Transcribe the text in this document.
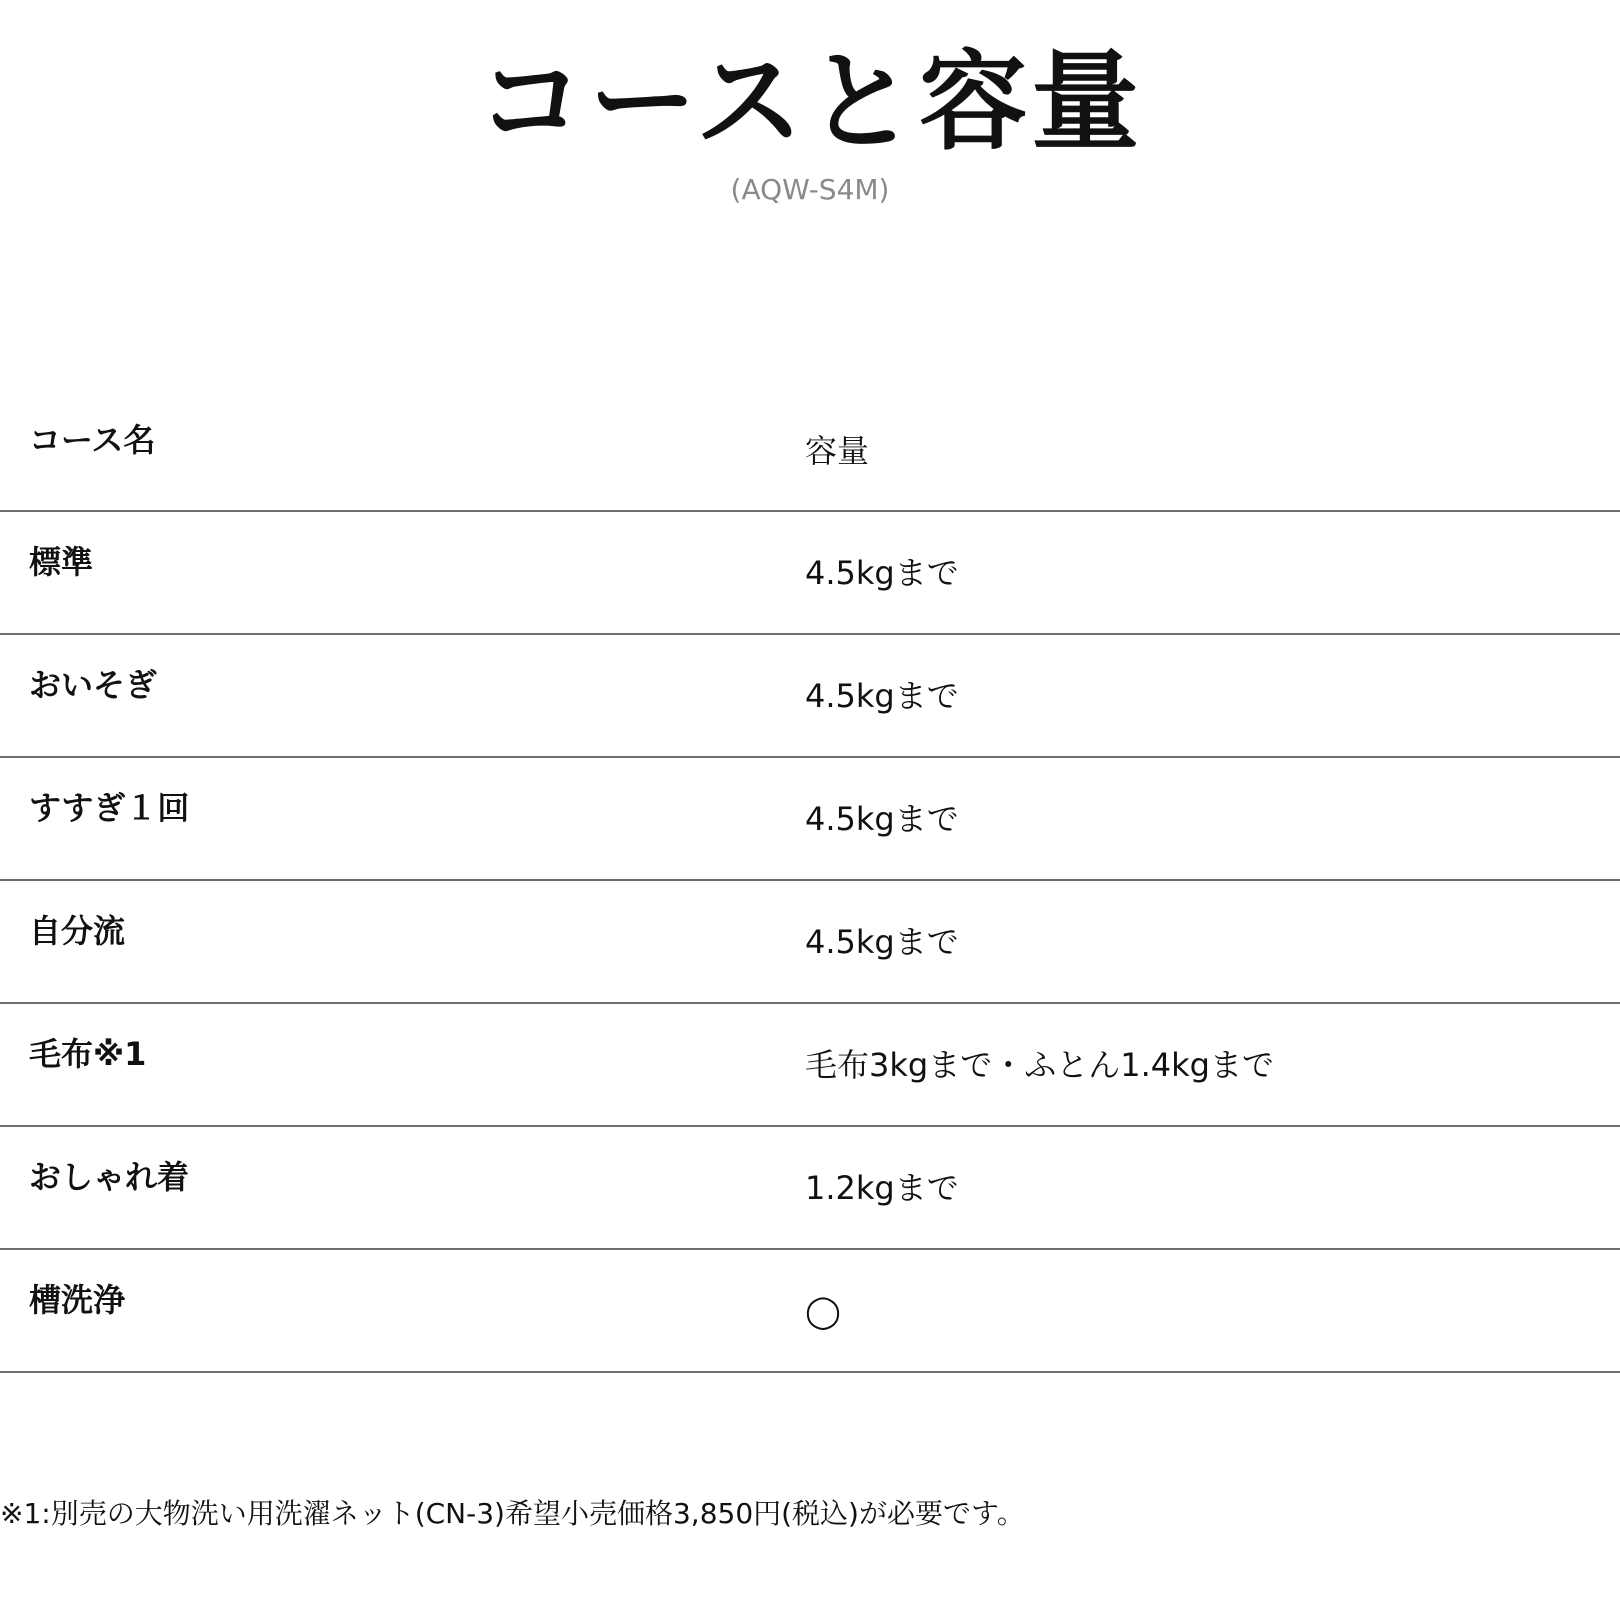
コースと容量
(AQW-S4M)
コース名	容量
標準	4.5kgまで
おいそぎ	4.5kgまで
すすぎ１回	4.5kgまで
自分流	4.5kgまで
毛布※1	毛布3kgまで・ふとん1.4kgまで
おしゃれ着	1.2kgまで
槽洗浄	◯
※1:別売の大物洗い用洗濯ネット(CN-3)希望小売価格3,850円(税込)が必要です。
